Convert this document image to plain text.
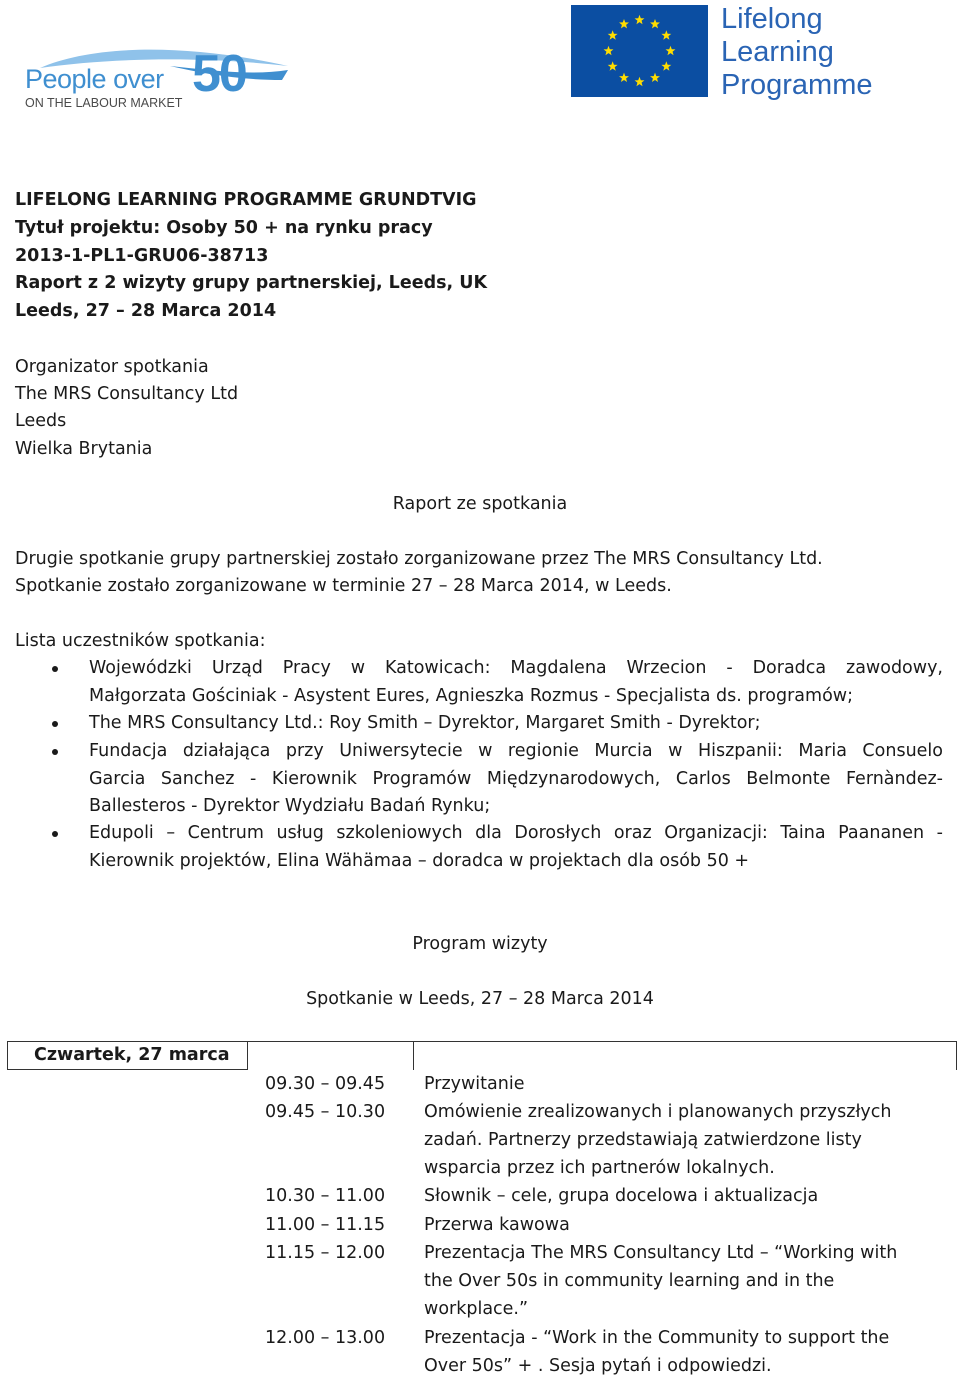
People over 50
ON THE LABOUR MARKET
Lifelong
Learning
Programme
LIFELONG LEARNING PROGRAMME GRUNDTVIG
Tytuł projektu: Osoby 50 + na rynku pracy
2013-1-PL1-GRU06-38713
Raport z 2 wizyty grupy partnerskiej, Leeds, UK
Leeds, 27 – 28 Marca 2014
Organizator spotkania
The MRS Consultancy Ltd
Leeds
Wielka Brytania
Raport ze spotkania
Drugie spotkanie grupy partnerskiej zostało zorganizowane przez The MRS Consultancy Ltd.
Spotkanie zostało zorganizowane w terminie 27 – 28 Marca 2014, w Leeds.
Lista uczestników spotkania:
Wojewódzki Urząd Pracy w Katowicach: Magdalena Wrzecion - Doradca zawodowy,
Małgorzata Gościniak - Asystent Eures, Agnieszka Rozmus - Specjalista ds. programów;
The MRS Consultancy Ltd.: Roy Smith – Dyrektor, Margaret Smith - Dyrektor;
Fundacja działająca przy Uniwersytecie w regionie Murcia w Hiszpanii: Maria Consuelo
Garcia Sanchez - Kierownik Programów Międzynarodowych, Carlos Belmonte Fernàndez-
Ballesteros - Dyrektor Wydziału Badań Rynku;
Edupoli – Centrum usług szkoleniowych dla Dorosłych oraz Organizacji: Taina Paananen -
Kierownik projektów, Elina Wähämaa – doradca w projektach dla osób 50 +
Program wizyty
Spotkanie w Leeds, 27 – 28 Marca 2014
Czwartek, 27 marca
09.30 – 09.45 Przywitanie
09.45 – 10.30 Omówienie zrealizowanych i planowanych przyszłych
zadań. Partnerzy przedstawiają zatwierdzone listy
wsparcia przez ich partnerów lokalnych.
10.30 – 11.00 Słownik – cele, grupa docelowa i aktualizacja
11.00 – 11.15 Przerwa kawowa
11.15 – 12.00 Prezentacja The MRS Consultancy Ltd – “Working with
the Over 50s in community learning and in the
workplace.”
12.00 – 13.00 Prezentacja - “Work in the Community to support the
Over 50s” + . Sesja pytań i odpowiedzi.
